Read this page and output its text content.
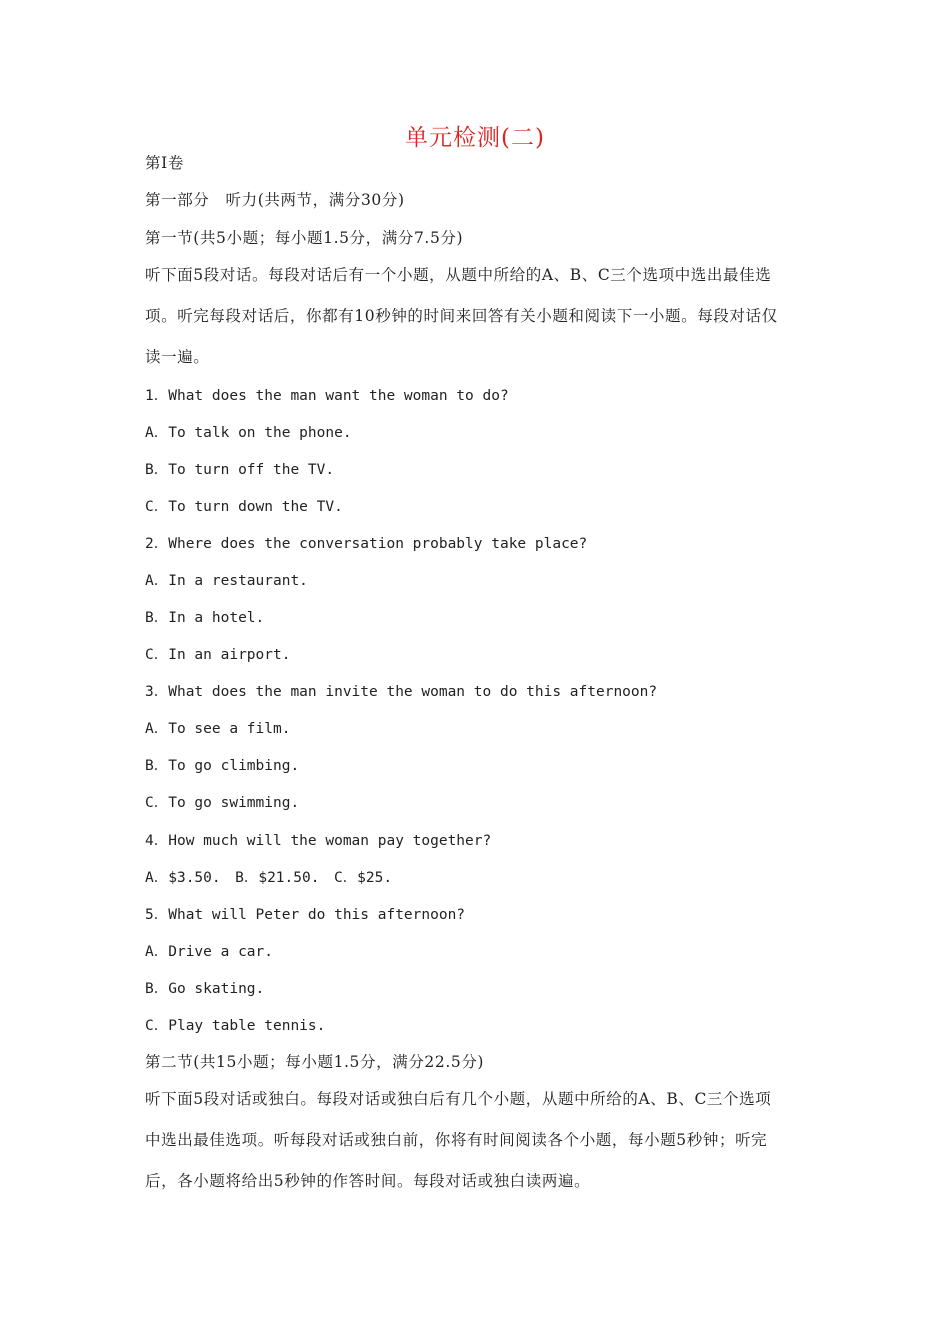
单元检测(二)
第Ⅰ卷
第一部分　听力(共两节，满分30分)
第一节(共5小题；每小题1.5分，满分7.5分)
听下面5段对话。每段对话后有一个小题，从题中所给的A、B、C三个选项中选出最佳选
项。听完每段对话后，你都有10秒钟的时间来回答有关小题和阅读下一小题。每段对话仅
读一遍。
1．What does the man want the woman to do?
A．To talk on the phone.
B．To turn off the TV.
C．To turn down the TV.
2．Where does the conversation probably take place?
A．In a restaurant.
B．In a hotel.
C．In an airport.
3．What does the man invite the woman to do this afternoon?
A．To see a film.
B．To go climbing.
C．To go swimming.
4．How much will the woman pay together?
A．$3.50.　B．$21.50.　C．$25.
5．What will Peter do this afternoon?
A．Drive a car.
B．Go skating.
C．Play table tennis.
第二节(共15小题；每小题1.5分，满分22.5分)
听下面5段对话或独白。每段对话或独白后有几个小题，从题中所给的A、B、C三个选项
中选出最佳选项。听每段对话或独白前，你将有时间阅读各个小题，每小题5秒钟；听完
后，各小题将给出5秒钟的作答时间。每段对话或独白读两遍。
